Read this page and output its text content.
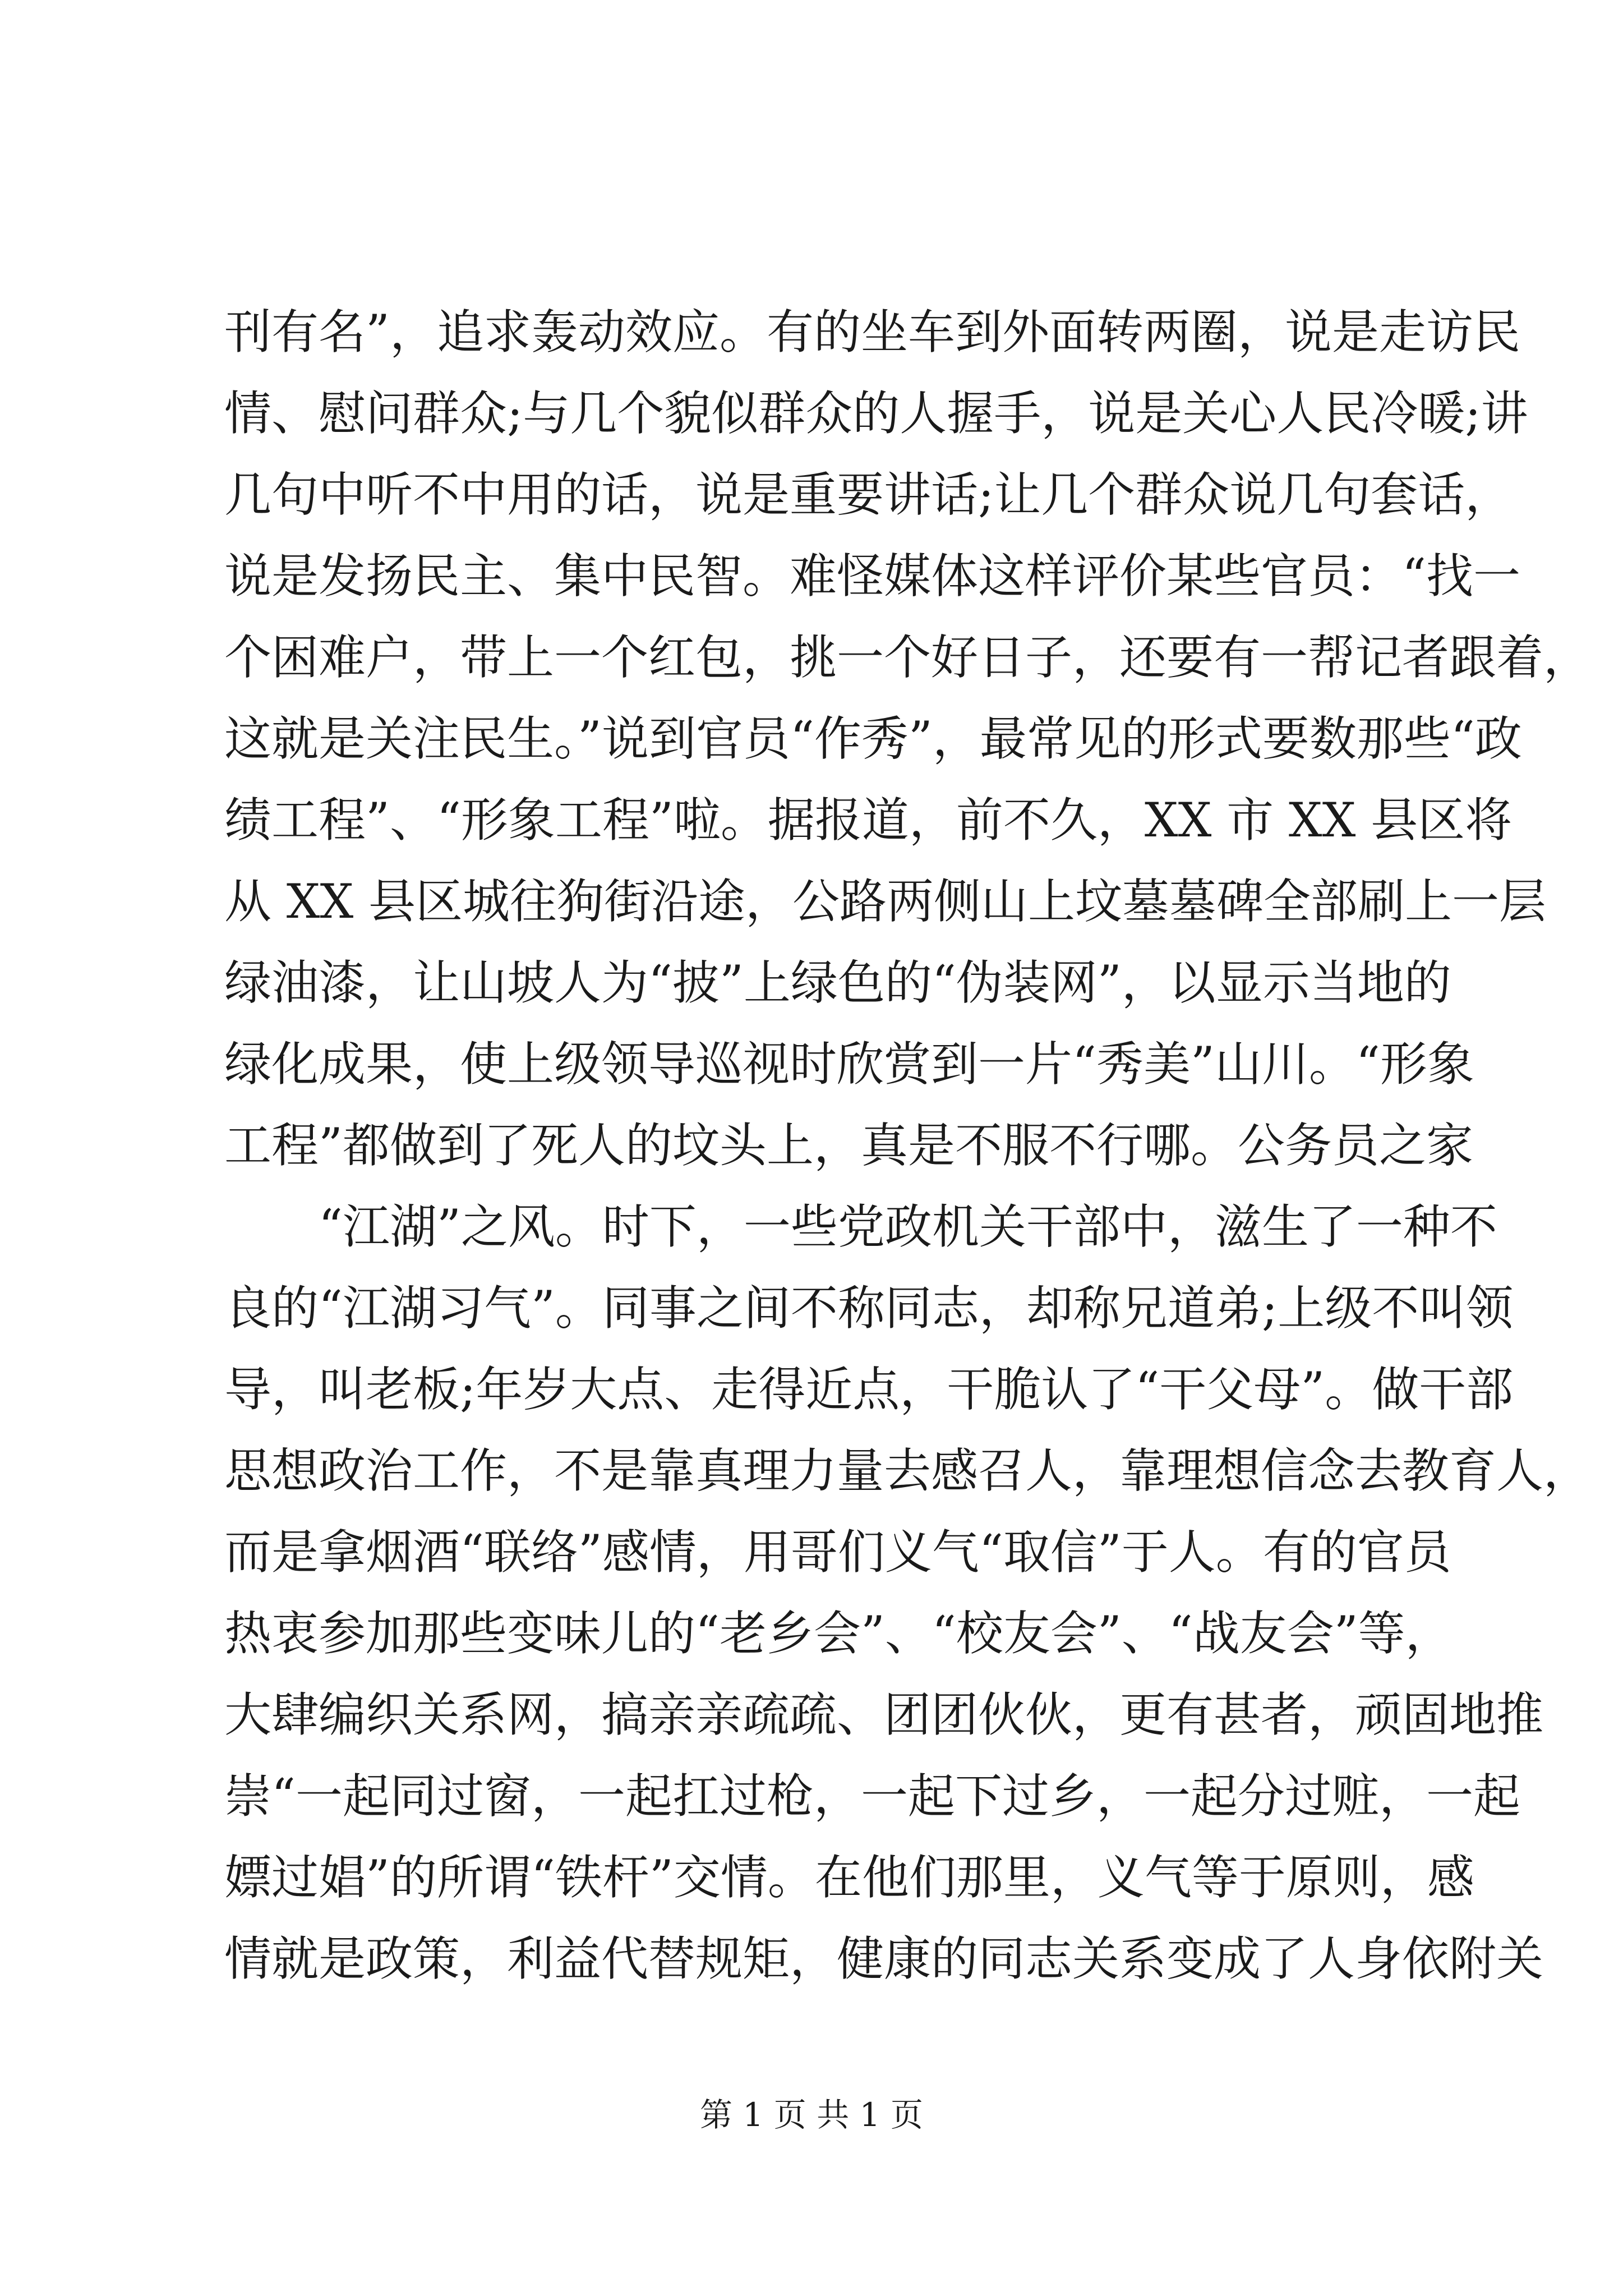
刊有名”，追求轰动效应。有的坐车到外面转两圈，说是走访民
情、慰问群众;与几个貌似群众的人握手，说是关心人民冷暖;讲
几句中听不中用的话，说是重要讲话;让几个群众说几句套话，
说是发扬民主、集中民智。难怪媒体这样评价某些官员：“找一
个困难户，带上一个红包，挑一个好日子，还要有一帮记者跟着，
这就是关注民生。”说到官员“作秀”，最常见的形式要数那些“政
绩工程”、“形象工程”啦。据报道，前不久，XX 市 XX 县区将
从 XX 县区城往狗街沿途，公路两侧山上坟墓墓碑全部刷上一层
绿油漆，让山坡人为“披”上绿色的“伪装网”，以显示当地的
绿化成果，使上级领导巡视时欣赏到一片“秀美”山川。“形象
工程”都做到了死人的坟头上，真是不服不行哪。公务员之家
　　“江湖”之风。时下，一些党政机关干部中，滋生了一种不
良的“江湖习气”。同事之间不称同志，却称兄道弟;上级不叫领
导，叫老板;年岁大点、走得近点，干脆认了“干父母”。做干部
思想政治工作，不是靠真理力量去感召人，靠理想信念去教育人，
而是拿烟酒“联络”感情，用哥们义气“取信”于人。有的官员
热衷参加那些变味儿的“老乡会”、“校友会”、“战友会”等，
大肆编织关系网，搞亲亲疏疏、团团伙伙，更有甚者，顽固地推
崇“一起同过窗，一起扛过枪，一起下过乡，一起分过赃，一起
嫖过娼”的所谓“铁杆”交情。在他们那里，义气等于原则，感
情就是政策，利益代替规矩，健康的同志关系变成了人身依附关
第 1 页 共 1 页
